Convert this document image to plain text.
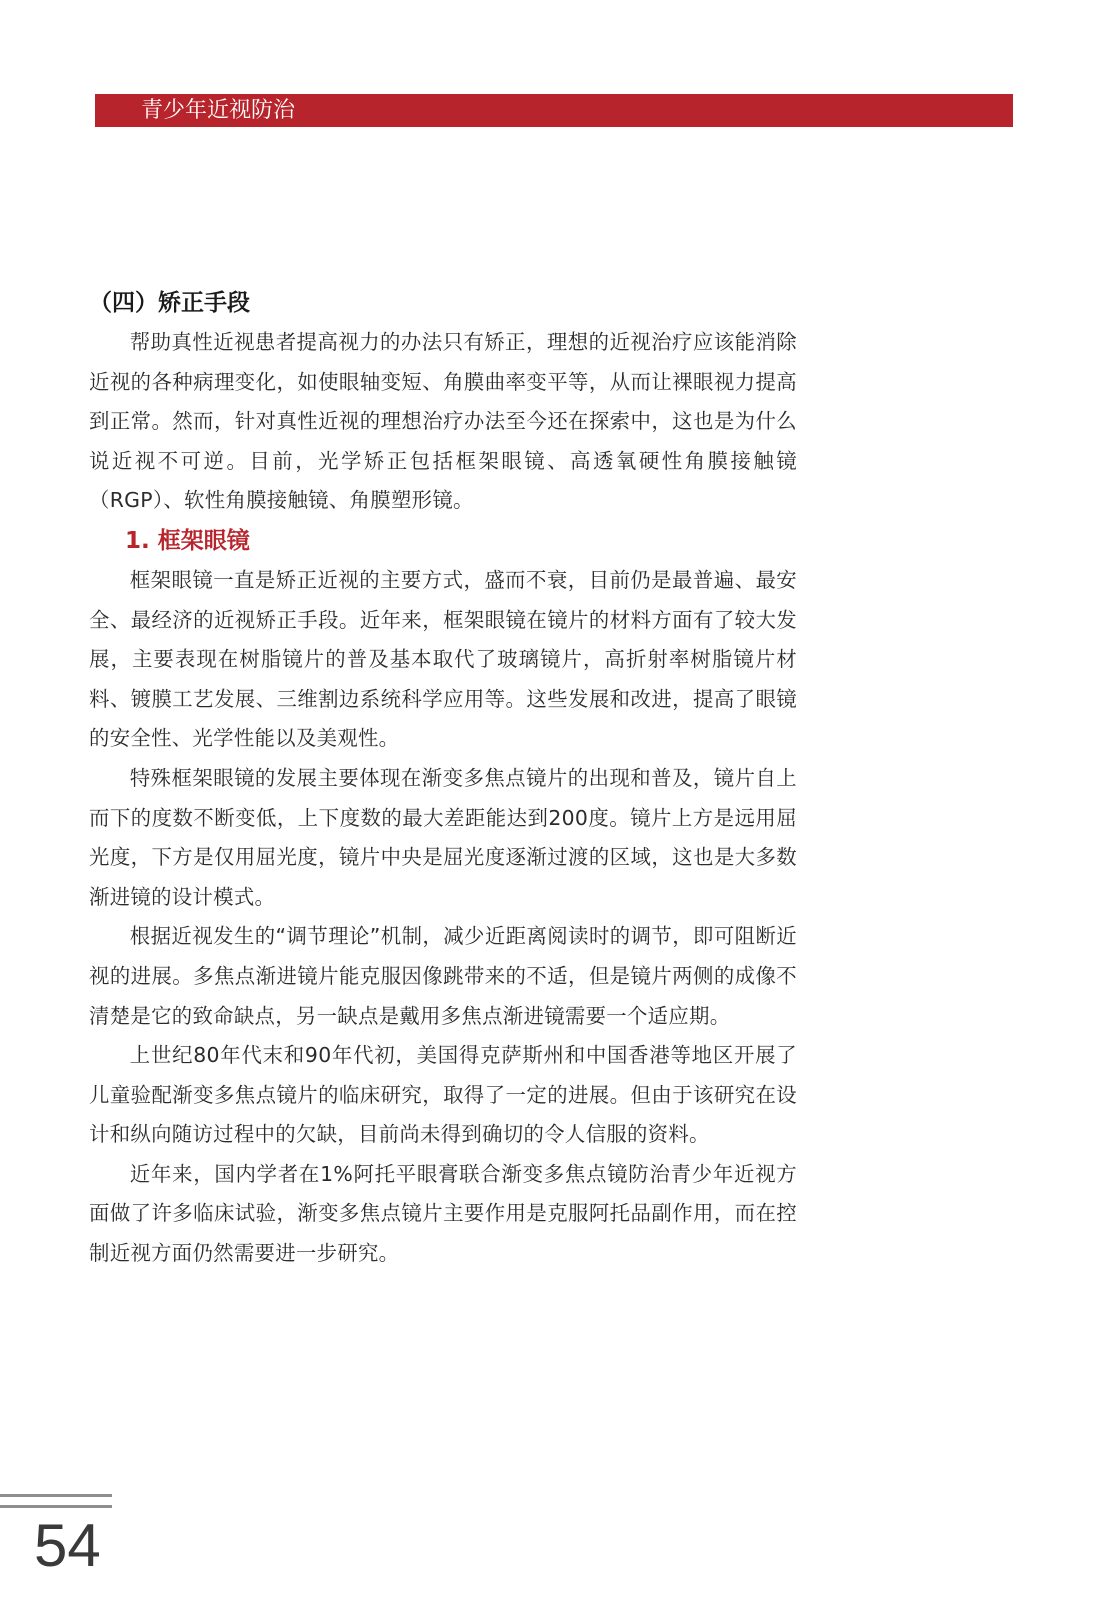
青少年近视防治
（四）矫正手段

帮助真性近视患者提高视力的办法只有矫正，理想的近视治疗应该能消除近视的各种病理变化，如使眼轴变短、角膜曲率变平等，从而让裸眼视力提高到正常。然而，针对真性近视的理想治疗办法至今还在探索中，这也是为什么说近视不可逆。目前，光学矫正包括框架眼镜、高透氧硬性角膜接触镜（RGP）、软性角膜接触镜、角膜塑形镜。

1. 框架眼镜

框架眼镜一直是矫正近视的主要方式，盛而不衰，目前仍是最普遍、最安全、最经济的近视矫正手段。近年来，框架眼镜在镜片的材料方面有了较大发展，主要表现在树脂镜片的普及基本取代了玻璃镜片，高折射率树脂镜片材料、镀膜工艺发展、三维割边系统科学应用等。这些发展和改进，提高了眼镜的安全性、光学性能以及美观性。

特殊框架眼镜的发展主要体现在渐变多焦点镜片的出现和普及，镜片自上而下的度数不断变低，上下度数的最大差距能达到200度。镜片上方是远用屈光度，下方是仅用屈光度，镜片中央是屈光度逐渐过渡的区域，这也是大多数渐进镜的设计模式。

根据近视发生的“调节理论”机制，减少近距离阅读时的调节，即可阻断近视的进展。多焦点渐进镜片能克服因像跳带来的不适，但是镜片两侧的成像不清楚是它的致命缺点，另一缺点是戴用多焦点渐进镜需要一个适应期。

上世纪80年代末和90年代初，美国得克萨斯州和中国香港等地区开展了儿童验配渐变多焦点镜片的临床研究，取得了一定的进展。但由于该研究在设计和纵向随访过程中的欠缺，目前尚未得到确切的令人信服的资料。

近年来，国内学者在1%阿托平眼膏联合渐变多焦点镜防治青少年近视方面做了许多临床试验，渐变多焦点镜片主要作用是克服阿托品副作用，而在控制近视方面仍然需要进一步研究。

54
